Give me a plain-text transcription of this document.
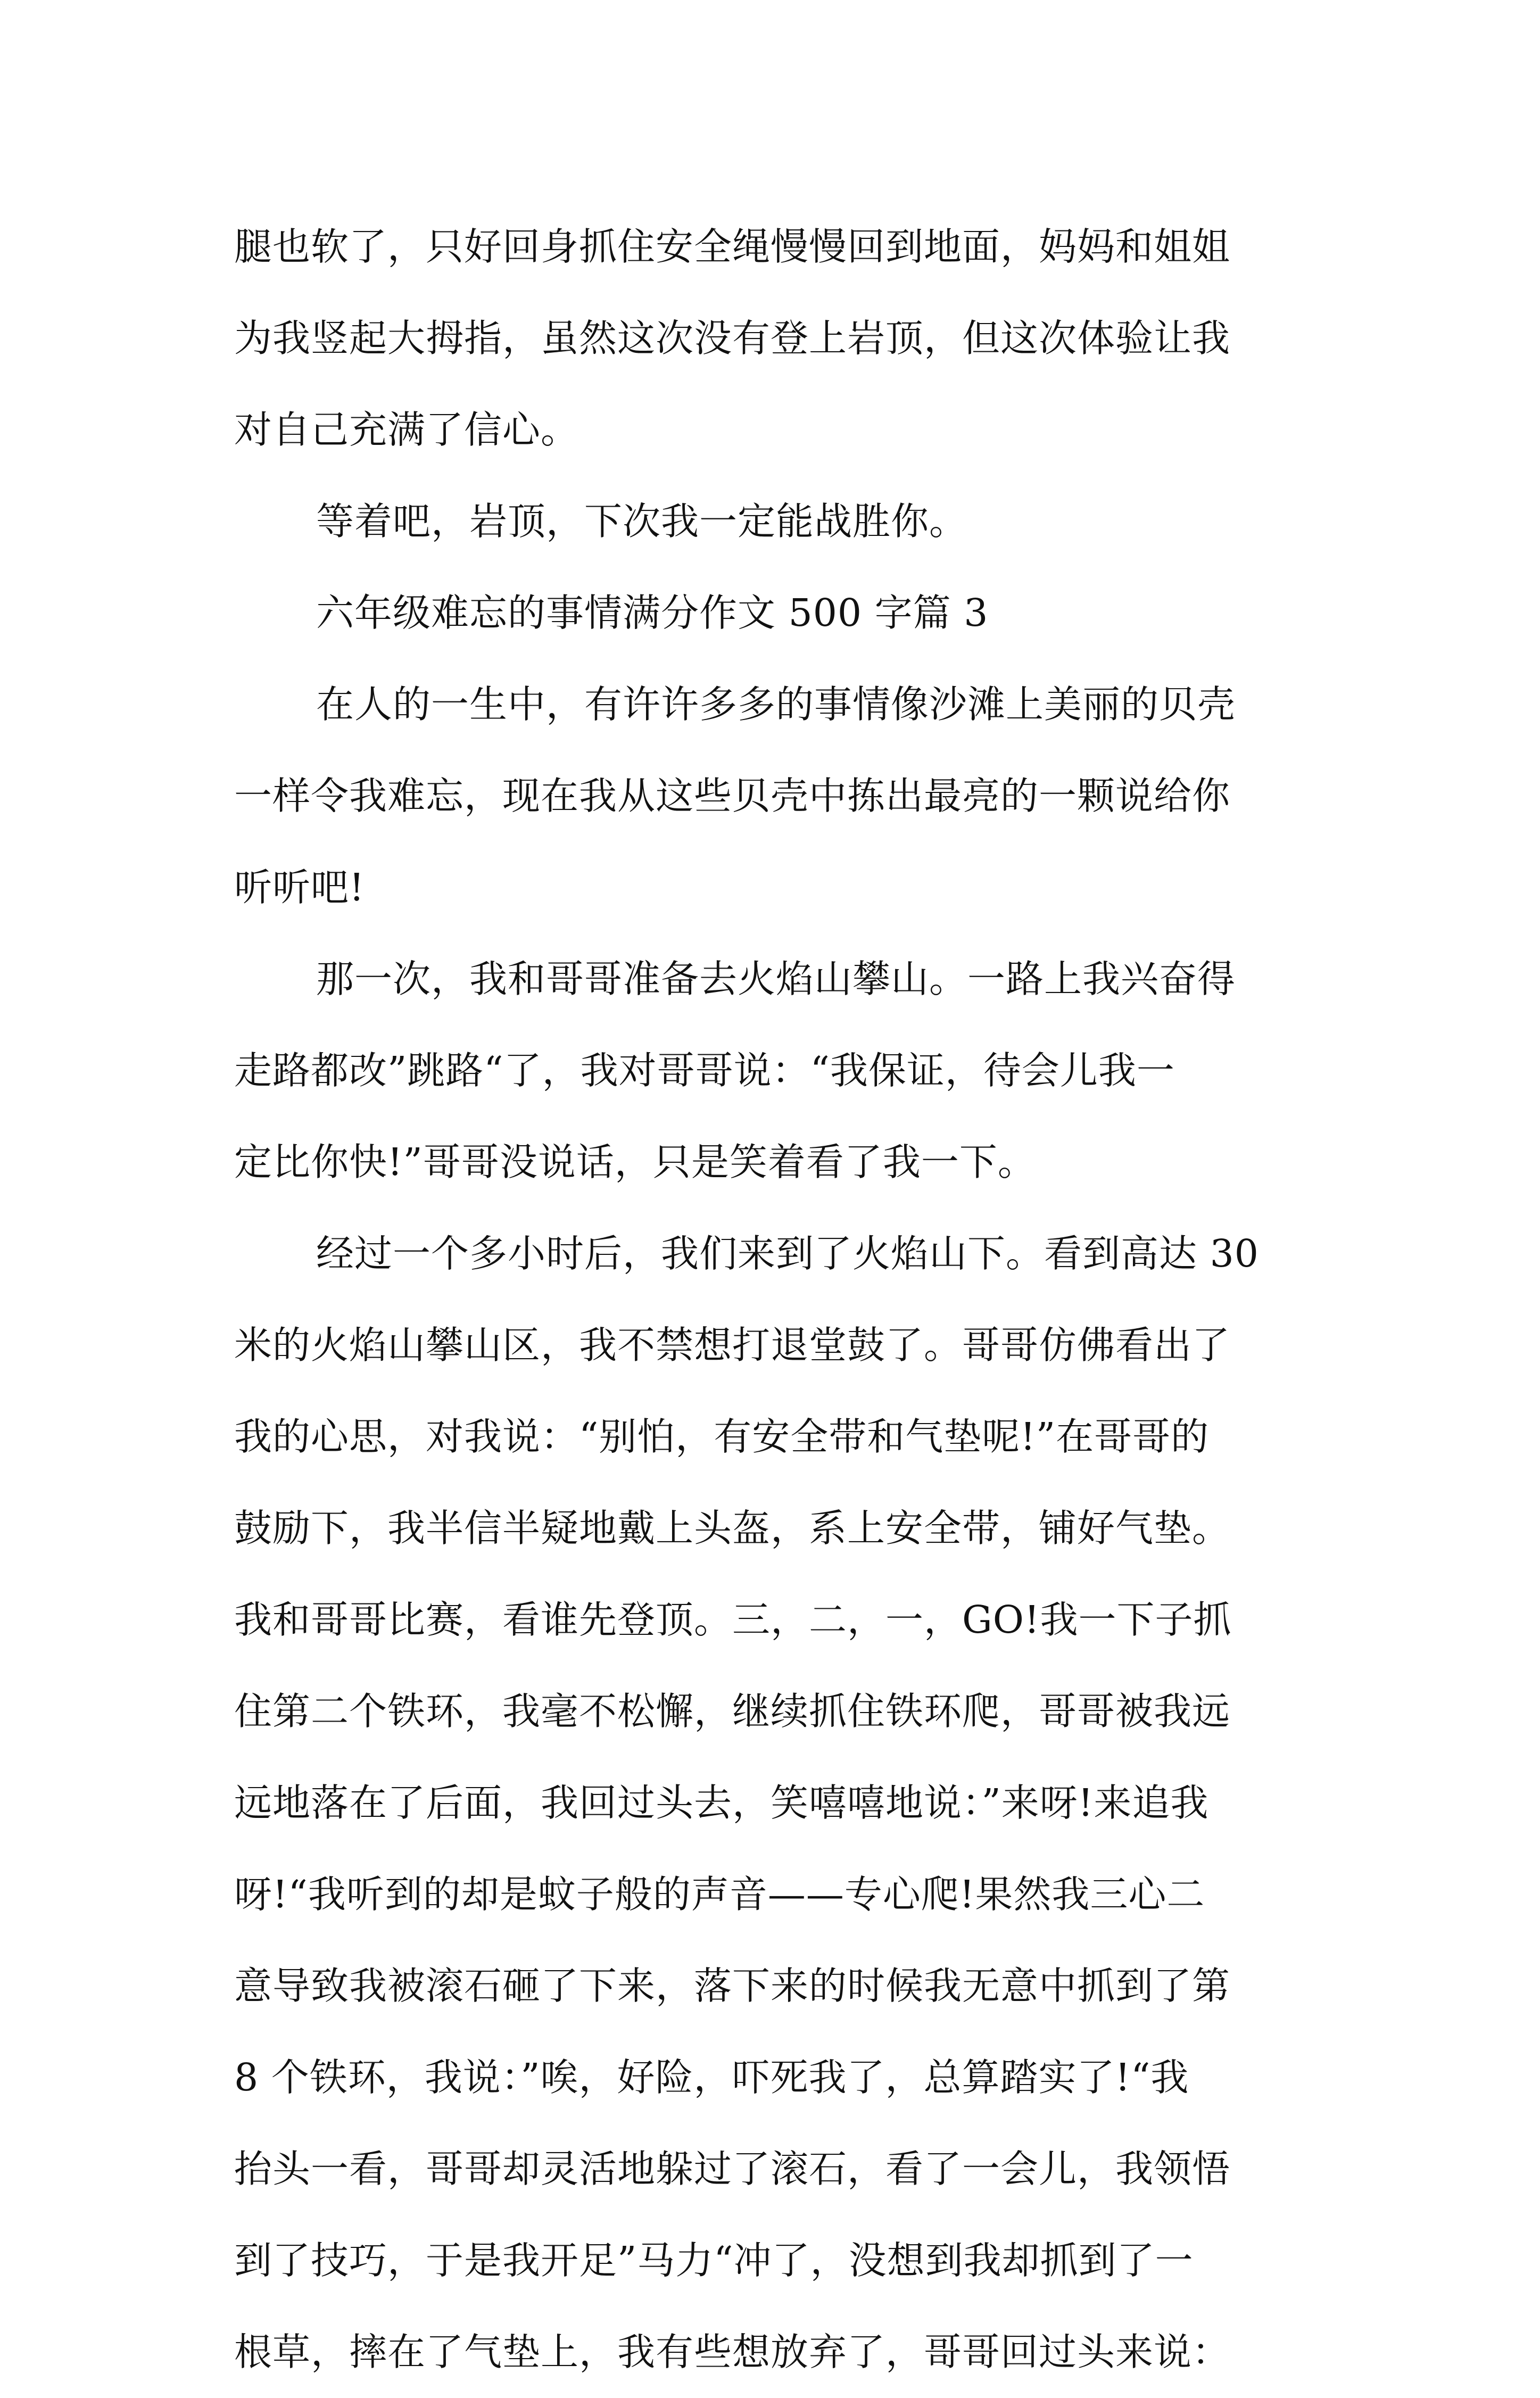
腿也软了，只好回身抓住安全绳慢慢回到地面，妈妈和姐姐
为我竖起大拇指，虽然这次没有登上岩顶，但这次体验让我
对自己充满了信心。
等着吧，岩顶，下次我一定能战胜你。
六年级难忘的事情满分作文 500 字篇 3
在人的一生中，有许许多多的事情像沙滩上美丽的贝壳
一样令我难忘，现在我从这些贝壳中拣出最亮的一颗说给你
听听吧!
那一次，我和哥哥准备去火焰山攀山。一路上我兴奋得
走路都改”跳路“了，我对哥哥说：“我保证，待会儿我一
定比你快!”哥哥没说话，只是笑着看了我一下。
经过一个多小时后，我们来到了火焰山下。看到高达 30
米的火焰山攀山区，我不禁想打退堂鼓了。哥哥仿佛看出了
我的心思，对我说：“别怕，有安全带和气垫呢!”在哥哥的
鼓励下，我半信半疑地戴上头盔，系上安全带，铺好气垫。
我和哥哥比赛，看谁先登顶。三，二，一，GO!我一下子抓
住第二个铁环，我毫不松懈，继续抓住铁环爬，哥哥被我远
远地落在了后面，我回过头去，笑嘻嘻地说：”来呀!来追我
呀!“我听到的却是蚊子般的声音——专心爬!果然我三心二
意导致我被滚石砸了下来，落下来的时候我无意中抓到了第
8 个铁环，我说：”唉，好险，吓死我了，总算踏实了!“我
抬头一看，哥哥却灵活地躲过了滚石，看了一会儿，我领悟
到了技巧，于是我开足”马力“冲了，没想到我却抓到了一
根草，摔在了气垫上，我有些想放弃了，哥哥回过头来说：
